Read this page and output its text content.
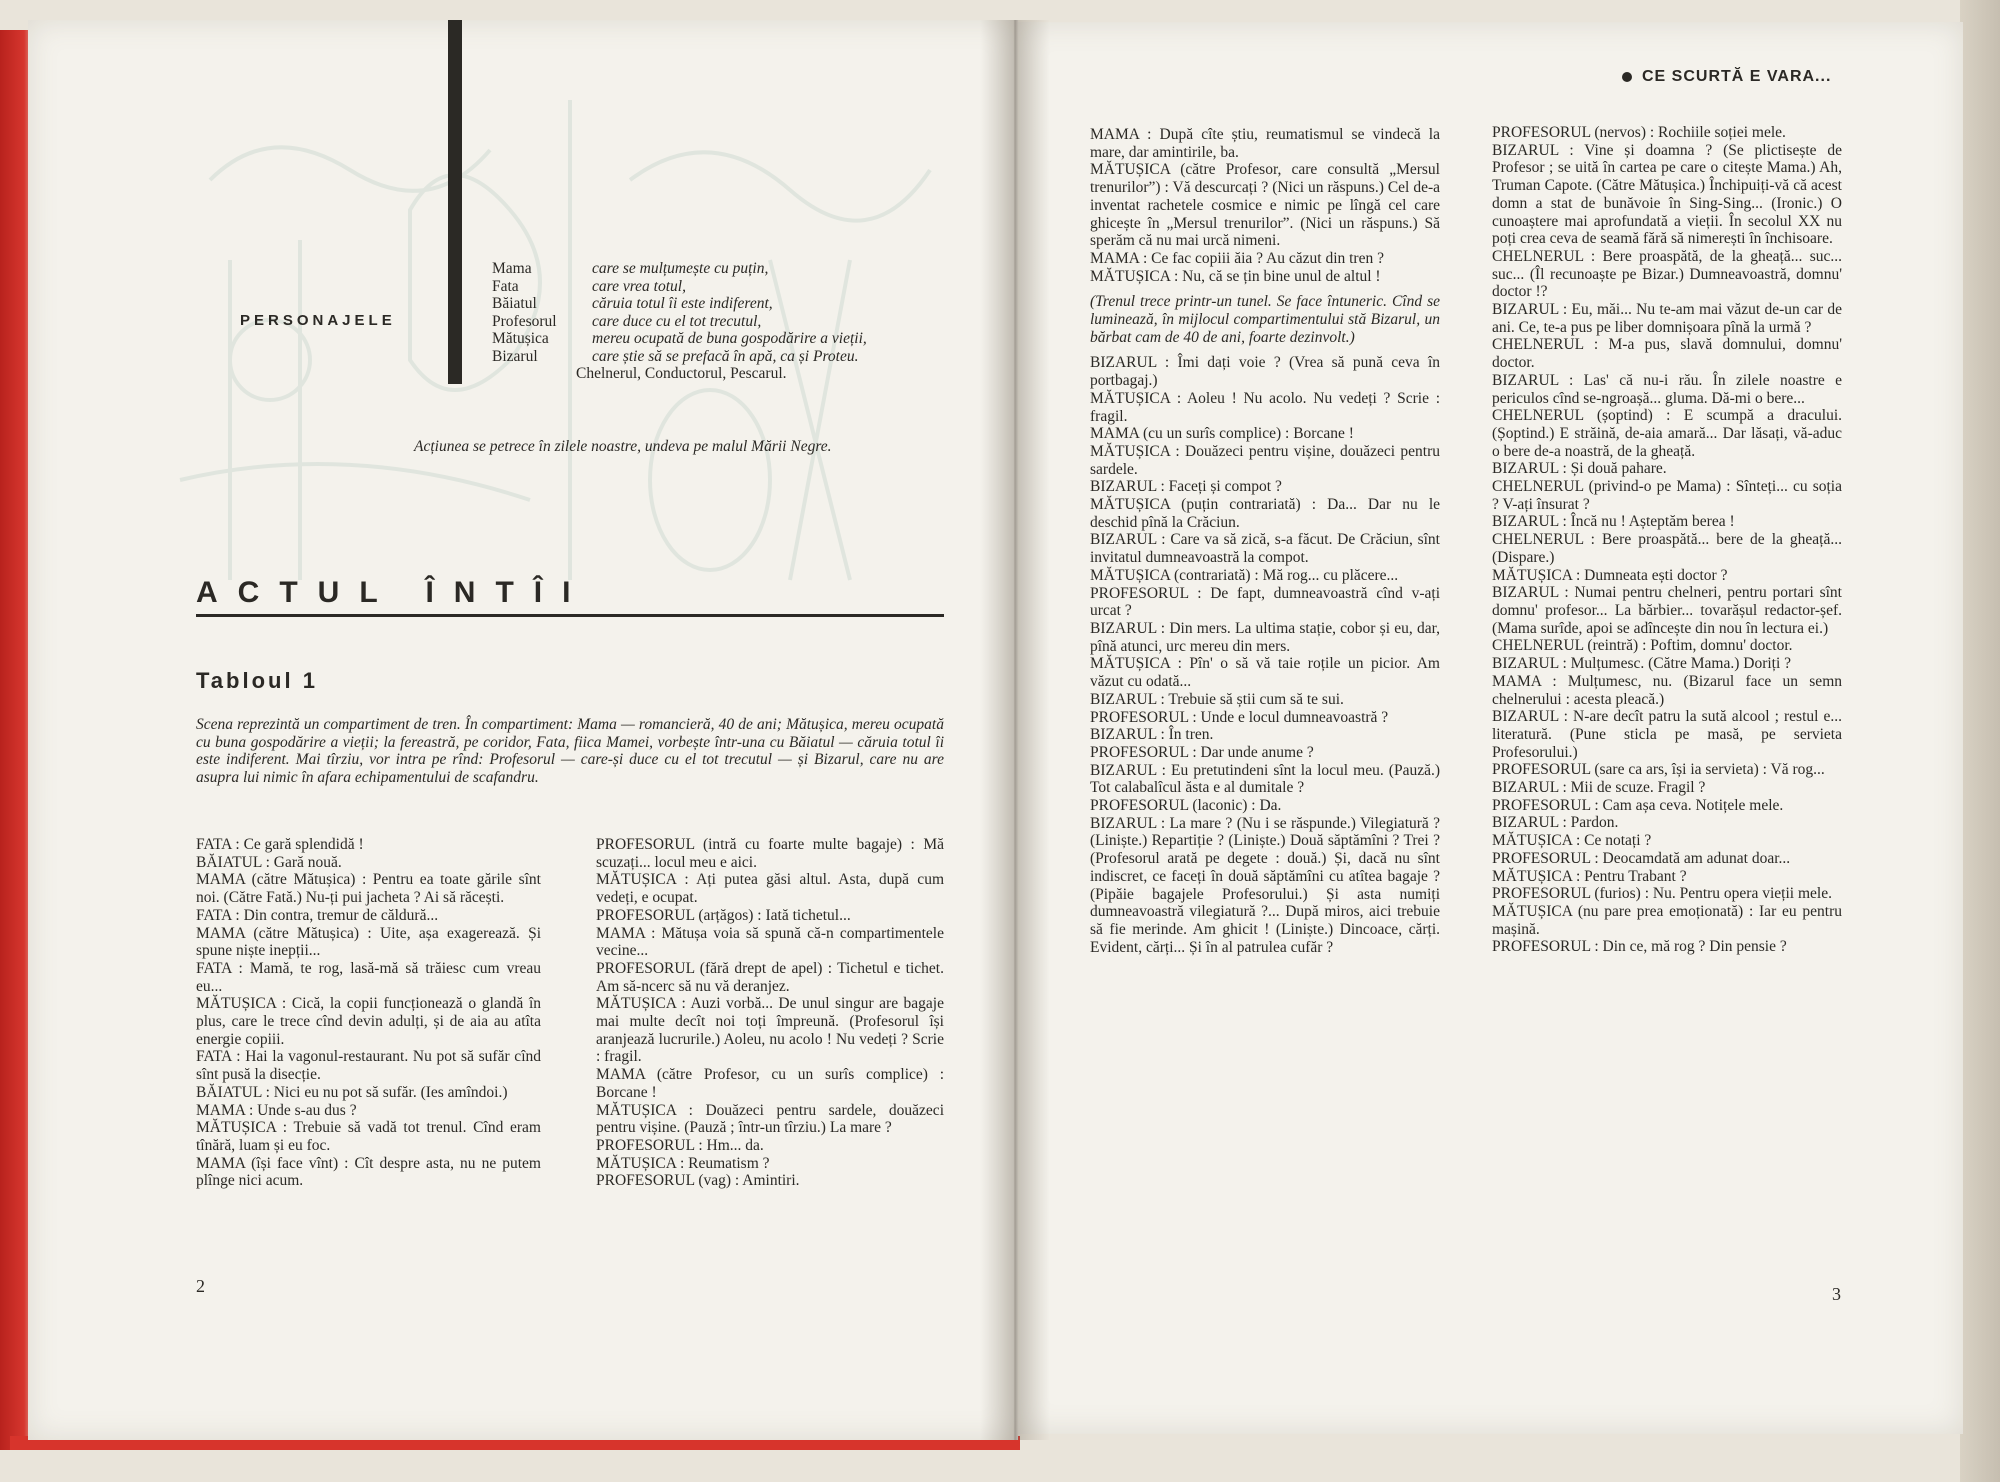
PERSONAJELE
Mama	care se mulțumește cu puțin,
Fata	care vrea totul,
Băiatul	căruia totul îi este indiferent,
Profesorul	care duce cu el tot trecutul,
Mătușica	mereu ocupată de buna gospodărire a vieții,
Bizarul	care știe să se prefacă în apă, ca și Proteu.
Chelnerul, Conductorul, Pescarul.
Acțiunea se petrece în zilele noastre, undeva pe malul Mării Negre.
ACTUL ÎNTÎI
Tabloul 1
Scena reprezintă un compartiment de tren. În compartiment: Mama — romancieră, 40 de ani; Mătușica, mereu ocupată cu buna gospodărire a vieții; la fereastră, pe coridor, Fata, fiica Mamei, vorbește într-una cu Băiatul — căruia totul îi este indiferent. Mai tîrziu, vor intra pe rînd: Profesorul — care-și duce cu el tot trecutul — și Bizarul, care nu are asupra lui nimic în afara echipamentului de scafandru.
FATA : Ce gară splendidă !
BĂIATUL : Gară nouă.
MAMA (către Mătușica) : Pentru ea toate gările sînt noi. (Către Fată.) Nu-ți pui jacheta ? Ai să răcești.
FATA : Din contra, tremur de căldură...
MAMA (către Mătușica) : Uite, așa exagerează. Și spune niște inepții...
FATA : Mamă, te rog, lasă-mă să trăiesc cum vreau eu...
MĂTUȘICA : Cică, la copii funcționează o glandă în plus, care le trece cînd devin adulți, și de aia au atîta energie copiii.
FATA : Hai la vagonul-restaurant. Nu pot să sufăr cînd sînt pusă la disecție.
BĂIATUL : Nici eu nu pot să sufăr. (Ies amîndoi.)
MAMA : Unde s-au dus ?
MĂTUȘICA : Trebuie să vadă tot trenul. Cînd eram tînără, luam și eu foc.
MAMA (își face vînt) : Cît despre asta, nu ne putem plînge nici acum.
PROFESORUL (intră cu foarte multe bagaje) : Mă scuzați... locul meu e aici.
MĂTUȘICA : Ați putea găsi altul. Asta, după cum vedeți, e ocupat.
PROFESORUL (arțăgos) : Iată tichetul...
MAMA : Mătușa voia să spună că-n compartimentele vecine...
PROFESORUL (fără drept de apel) : Tichetul e tichet. Am să-ncerc să nu vă deranjez.
MĂTUȘICA : Auzi vorbă... De unul singur are bagaje mai multe decît noi toți împreună. (Profesorul își aranjează lucrurile.) Aoleu, nu acolo ! Nu vedeți ? Scrie : fragil.
MAMA (către Profesor, cu un surîs complice) : Borcane !
MĂTUȘICA : Douăzeci pentru sardele, douăzeci pentru vișine. (Pauză ; într-un tîrziu.) La mare ?
PROFESORUL : Hm... da.
MĂTUȘICA : Reumatism ?
PROFESORUL (vag) : Amintiri.
2
CE SCURTĂ E VARA...
MAMA : După cîte știu, reumatismul se vindecă la mare, dar amintirile, ba.
MĂTUȘICA (către Profesor, care consultă „Mersul trenurilor”) : Vă descurcați ? (Nici un răspuns.) Cel de-a inventat rachetele cosmice e nimic pe lîngă cel care ghicește în „Mersul trenurilor”. (Nici un răspuns.) Să sperăm că nu mai urcă nimeni.
MAMA : Ce fac copiii ăia ? Au căzut din tren ?
MĂTUȘICA : Nu, că se țin bine unul de altul !
(Trenul trece printr-un tunel. Se face întuneric. Cînd se luminează, în mijlocul compartimentului stă Bizarul, un bărbat cam de 40 de ani, foarte dezinvolt.)
BIZARUL : Îmi dați voie ? (Vrea să pună ceva în portbagaj.)
MĂTUȘICA : Aoleu ! Nu acolo. Nu vedeți ? Scrie : fragil.
MAMA (cu un surîs complice) : Borcane !
MĂTUȘICA : Douăzeci pentru vișine, douăzeci pentru sardele.
BIZARUL : Faceți și compot ?
MĂTUȘICA (puțin contrariată) : Da... Dar nu le deschid pînă la Crăciun.
BIZARUL : Care va să zică, s-a făcut. De Crăciun, sînt invitatul dumneavoastră la compot.
MĂTUȘICA (contrariată) : Mă rog... cu plăcere...
PROFESORUL : De fapt, dumneavoastră cînd v-ați urcat ?
BIZARUL : Din mers. La ultima stație, cobor și eu, dar, pînă atunci, urc mereu din mers.
MĂTUȘICA : Pîn' o să vă taie roțile un picior. Am văzut cu odată...
BIZARUL : Trebuie să știi cum să te sui.
PROFESORUL : Unde e locul dumneavoastră ?
BIZARUL : În tren.
PROFESORUL : Dar unde anume ?
BIZARUL : Eu pretutindeni sînt la locul meu. (Pauză.) Tot calabalîcul ăsta e al dumitale ?
PROFESORUL (laconic) : Da.
BIZARUL : La mare ? (Nu i se răspunde.) Vilegiatură ? (Liniște.) Repartiție ? (Liniște.) Două săptămîni ? Trei ? (Profesorul arată pe degete : două.) Și, dacă nu sînt indiscret, ce faceți în două săptămîni cu atîtea bagaje ? (Pipăie bagajele Profesorului.) Și asta numiți dumneavoastră vilegiatură ?... După miros, aici trebuie să fie merinde. Am ghicit ! (Liniște.) Dincoace, cărți. Evident, cărți... Și în al patrulea cufăr ?
PROFESORUL (nervos) : Rochiile soției mele.
BIZARUL : Vine și doamna ? (Se plictisește de Profesor ; se uită în cartea pe care o citește Mama.) Ah, Truman Capote. (Către Mătușica.) Închipuiți-vă că acest domn a stat de bunăvoie în Sing-Sing... (Ironic.) O cunoaștere mai aprofundată a vieții. În secolul XX nu poți crea ceva de seamă fără să nimerești în închisoare.
CHELNERUL : Bere proaspătă, de la gheață... suc... suc... (Îl recunoaște pe Bizar.) Dumneavoastră, domnu' doctor !?
BIZARUL : Eu, măi... Nu te-am mai văzut de-un car de ani. Ce, te-a pus pe liber domnișoara pînă la urmă ?
CHELNERUL : M-a pus, slavă domnului, domnu' doctor.
BIZARUL : Las' că nu-i rău. În zilele noastre e periculos cînd se-ngroașă... gluma. Dă-mi o bere...
CHELNERUL (șoptind) : E scumpă a dracului. (Șoptind.) E străină, de-aia amară... Dar lăsați, vă-aduc o bere de-a noastră, de la gheață.
BIZARUL : Și două pahare.
CHELNERUL (privind-o pe Mama) : Sînteți... cu soția ? V-ați însurat ?
BIZARUL : Încă nu ! Așteptăm berea !
CHELNERUL : Bere proaspătă... bere de la gheață... (Dispare.)
MĂTUȘICA : Dumneata ești doctor ?
BIZARUL : Numai pentru chelneri, pentru portari sînt domnu' profesor... La bărbier... tovarășul redactor-șef. (Mama surîde, apoi se adîncește din nou în lectura ei.)
CHELNERUL (reintră) : Poftim, domnu' doctor.
BIZARUL : Mulțumesc. (Către Mama.) Doriți ?
MAMA : Mulțumesc, nu. (Bizarul face un semn chelnerului : acesta pleacă.)
BIZARUL : N-are decît patru la sută alcool ; restul e... literatură. (Pune sticla pe masă, pe servieta Profesorului.)
PROFESORUL (sare ca ars, își ia servieta) : Vă rog...
BIZARUL : Mii de scuze. Fragil ?
PROFESORUL : Cam așa ceva. Notițele mele.
BIZARUL : Pardon.
MĂTUȘICA : Ce notați ?
PROFESORUL : Deocamdată am adunat doar...
MĂTUȘICA : Pentru Trabant ?
PROFESORUL (furios) : Nu. Pentru opera vieții mele.
MĂTUȘICA (nu pare prea emoționată) : Iar eu pentru mașină.
PROFESORUL : Din ce, mă rog ? Din pensie ?
3
